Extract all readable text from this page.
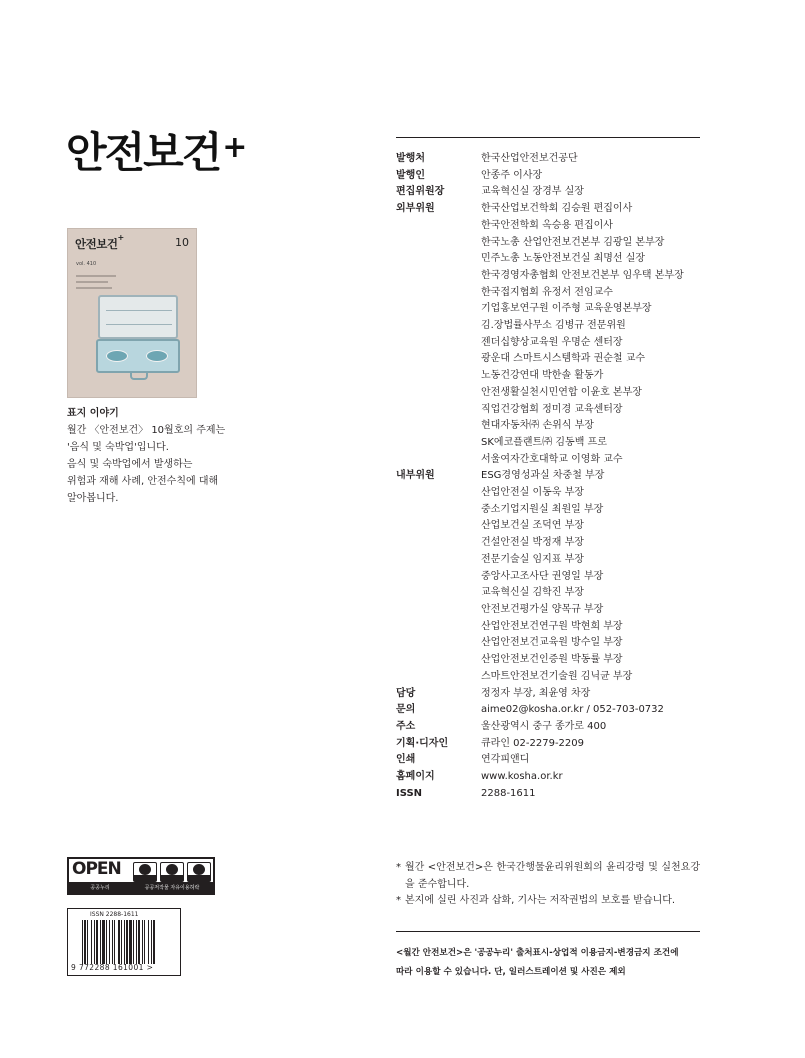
안전보건+
안전보건+	10
vol. 410

표지 이야기

월간 〈안전보건〉 10월호의 주제는

'음식 및 숙박업'입니다.

음식 및 숙박업에서 발생하는

위험과 재해 사례, 안전수칙에 대해

알아봅니다.

발행처	한국산업안전보건공단
발행인	안종주 이사장
편집위원장	교육혁신실 장경부 실장
외부위원	한국산업보건학회 김승원 편집이사
한국안전학회 옥승용 편집이사
한국노총 산업안전보건본부 김광일 본부장
민주노총 노동안전보건실 최명선 실장
한국경영자총협회 안전보건본부 임우택 본부장
한국접지협회 유정서 전임교수
기업홍보연구원 이주형 교육운영본부장
김.장법률사무소 김병규 전문위원
젠더십향상교육원 우명순 센터장
광운대 스마트시스템학과 권순철 교수
노동건강연대 박한솔 활동가
안전생활실천시민연합 이윤호 본부장
직업건강협회 정미경 교육센터장
현대자동차㈜ 손위식 부장
SK에코플랜트㈜ 김동백 프로
서울여자간호대학교 이영화 교수
내부위원	ESG경영성과실 차중철 부장
산업안전실 이동욱 부장
중소기업지원실 최원일 부장
산업보건실 조덕연 부장
건설안전실 박정재 부장
전문기술실 임지표 부장
중앙사고조사단 권영일 부장
교육혁신실 김학진 부장
안전보건평가실 양목규 부장
산업안전보건연구원 박현희 부장
산업안전보건교육원 방수일 부장
산업안전보건인증원 박동률 부장
스마트안전보건기술원 김닉균 부장
담당	정정자 부장, 최윤영 차장
문의	aime02@kosha.or.kr / 052-703-0732
주소	울산광역시 중구 종가로 400
기획·디자인	큐라인 02-2279-2209
인쇄	연각피앤디
홈페이지	www.kosha.or.kr
ISSN	2288-1611
OPEN
공공누리	공공저작물 자유이용허락
ISSN 2288-1611
9 772288 161001 >
* 월간 <안전보건>은 한국간행물윤리위원회의 윤리강령 및 실천요강을 준수합니다.
* 본지에 실린 사진과 삽화, 기사는 저작권법의 보호를 받습니다.
<월간 안전보건>은 '공공누리' 출처표시-상업적 이용금지-변경금지 조건에
따라 이용할 수 있습니다. 단, 일러스트레이션 및 사진은 제외
